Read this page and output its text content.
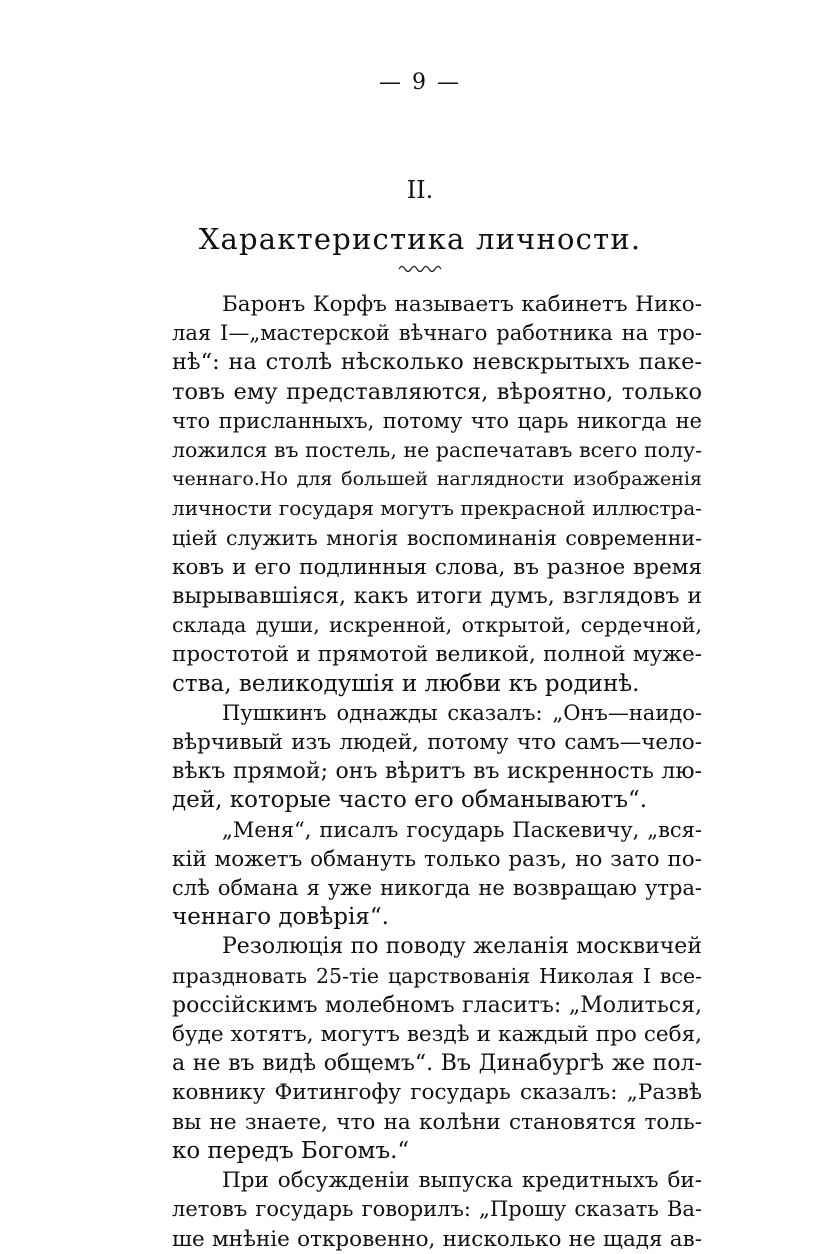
— 9 —
II.
Характеристика личности.
Баронъ Корфъ называетъ кабинетъ Нико-
лая I—„мастерской вѣчнаго работника на тро-
нѣ“: на столѣ нѣсколько невскрытыхъ паке-
товъ ему представляются, вѣроятно, только
что присланныхъ, потому что царь никогда не
ложился въ постель, не распечатавъ всего полу-
ченнаго.Но для большей наглядности изображенія
личности государя могутъ прекрасной иллюстра-
ціей служить многія воспоминанія современни-
ковъ и его подлинныя слова, въ разное время
вырывавшіяся, какъ итоги думъ, взглядовъ и
склада души, искренной, открытой, сердечной,
простотой и прямотой великой, полной муже-
ства, великодушія и любви къ родинѣ.
Пушкинъ однажды сказалъ: „Онъ—наидо-
вѣрчивый изъ людей, потому что самъ—чело-
вѣкъ прямой; онъ вѣритъ въ искренность лю-
дей, которые часто его обманываютъ“.
„Меня“, писалъ государь Паскевичу, „вся-
кій можетъ обмануть только разъ, но зато по-
слѣ обмана я уже никогда не возвращаю утра-
ченнаго довѣрія“.
Резолюція по поводу желанія москвичей
праздновать 25-тіе царствованія Николая I все-
россійскимъ молебномъ гласитъ: „Молиться,
буде хотятъ, могутъ вездѣ и каждый про себя,
а не въ видѣ общемъ“. Въ Динабургѣ же пол-
ковнику Фитингофу государь сказалъ: „Развѣ
вы не знаете, что на колѣни становятся толь-
ко передъ Богомъ.“
При обсужденіи выпуска кредитныхъ би-
летовъ государь говорилъ: „Прошу сказать Ва-
ше мнѣніе откровенно, нисколько не щадя ав-
